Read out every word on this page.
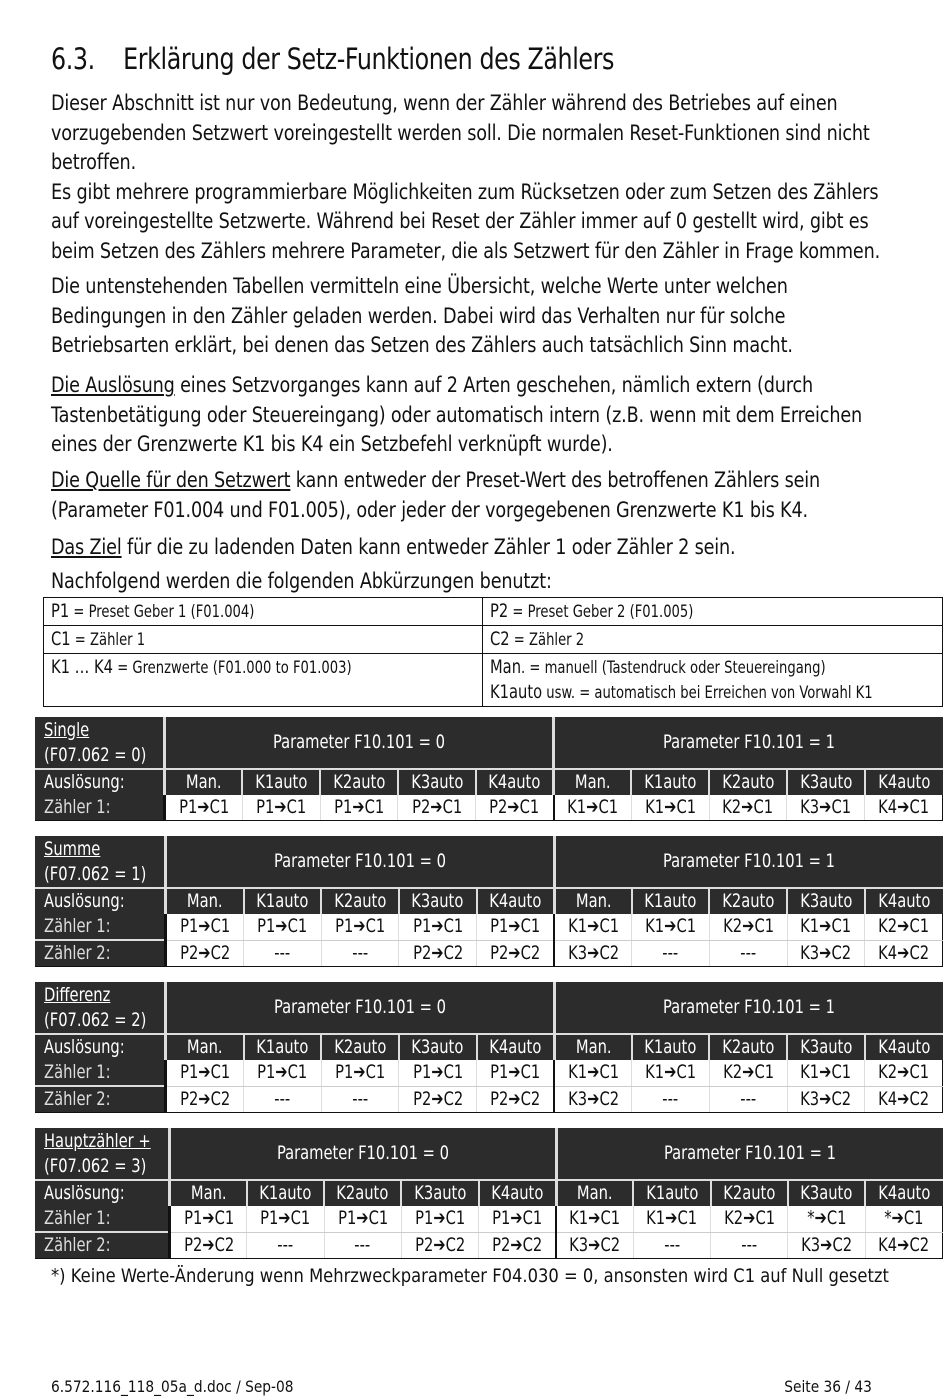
6.3. Erklärung der Setz-Funktionen des Zählers
Dieser Abschnitt ist nur von Bedeutung, wenn der Zähler während des Betriebes auf einen
vorzugebenden Setzwert voreingestellt werden soll. Die normalen Reset-Funktionen sind nicht
betroffen.
Es gibt mehrere programmierbare Möglichkeiten zum Rücksetzen oder zum Setzen des Zählers
auf voreingestellte Setzwerte. Während bei Reset der Zähler immer auf 0 gestellt wird, gibt es
beim Setzen des Zählers mehrere Parameter, die als Setzwert für den Zähler in Frage kommen.
Die untenstehenden Tabellen vermitteln eine Übersicht, welche Werte unter welchen
Bedingungen in den Zähler geladen werden. Dabei wird das Verhalten nur für solche
Betriebsarten erklärt, bei denen das Setzen des Zählers auch tatsächlich Sinn macht.
Die Auslösung eines Setzvorganges kann auf 2 Arten geschehen, nämlich extern (durch
Tastenbetätigung oder Steuereingang) oder automatisch intern (z.B. wenn mit dem Erreichen
eines der Grenzwerte K1 bis K4 ein Setzbefehl verknüpft wurde).
Die Quelle für den Setzwert kann entweder der Preset-Wert des betroffenen Zählers sein
(Parameter F01.004 und F01.005), oder jeder der vorgegebenen Grenzwerte K1 bis K4.
Das Ziel für die zu ladenden Daten kann entweder Zähler 1 oder Zähler 2 sein.
Nachfolgend werden die folgenden Abkürzungen benutzt:
P1 = Preset Geber 1 (F01.004)	P2 = Preset Geber 2 (F01.005)
C1 = Zähler 1	C2 = Zähler 2
K1 … K4 = Grenzwerte (F01.000 to F01.003)	Man. = manuell (Tastendruck oder Steuereingang)
K1auto usw. = automatisch bei Erreichen von Vorwahl K1
Single
(F07.062 = 0)	Parameter F10.101 = 0					Parameter F10.101 = 1				
Auslösung:	Man.	K1auto	K2auto	K3auto	K4auto	Man.	K1auto	K2auto	K3auto	K4auto
Zähler 1:	P1➔C1	P1➔C1	P1➔C1	P2➔C1	P2➔C1	K1➔C1	K1➔C1	K2➔C1	K3➔C1	K4➔C1
Summe
(F07.062 = 1)	Parameter F10.101 = 0					Parameter F10.101 = 1				
Auslösung:	Man.	K1auto	K2auto	K3auto	K4auto	Man.	K1auto	K2auto	K3auto	K4auto
Zähler 1:	P1➔C1	P1➔C1	P1➔C1	P1➔C1	P1➔C1	K1➔C1	K1➔C1	K2➔C1	K1➔C1	K2➔C1
Zähler 2:	P2➔C2	---	---	P2➔C2	P2➔C2	K3➔C2	---	---	K3➔C2	K4➔C2
Differenz
(F07.062 = 2)	Parameter F10.101 = 0					Parameter F10.101 = 1				
Auslösung:	Man.	K1auto	K2auto	K3auto	K4auto	Man.	K1auto	K2auto	K3auto	K4auto
Zähler 1:	P1➔C1	P1➔C1	P1➔C1	P1➔C1	P1➔C1	K1➔C1	K1➔C1	K2➔C1	K1➔C1	K2➔C1
Zähler 2:	P2➔C2	---	---	P2➔C2	P2➔C2	K3➔C2	---	---	K3➔C2	K4➔C2
Hauptzähler +
(F07.062 = 3)	Parameter F10.101 = 0					Parameter F10.101 = 1				
Auslösung:	Man.	K1auto	K2auto	K3auto	K4auto	Man.	K1auto	K2auto	K3auto	K4auto
Zähler 1:	P1➔C1	P1➔C1	P1➔C1	P1➔C1	P1➔C1	K1➔C1	K1➔C1	K2➔C1	*➔C1	*➔C1
Zähler 2:	P2➔C2	---	---	P2➔C2	P2➔C2	K3➔C2	---	---	K3➔C2	K4➔C2
*) Keine Werte-Änderung wenn Mehrzweckparameter F04.030 = 0, ansonsten wird C1 auf Null gesetzt
6.572.116_118_05a_d.doc / Sep-08	Seite 36 / 43
